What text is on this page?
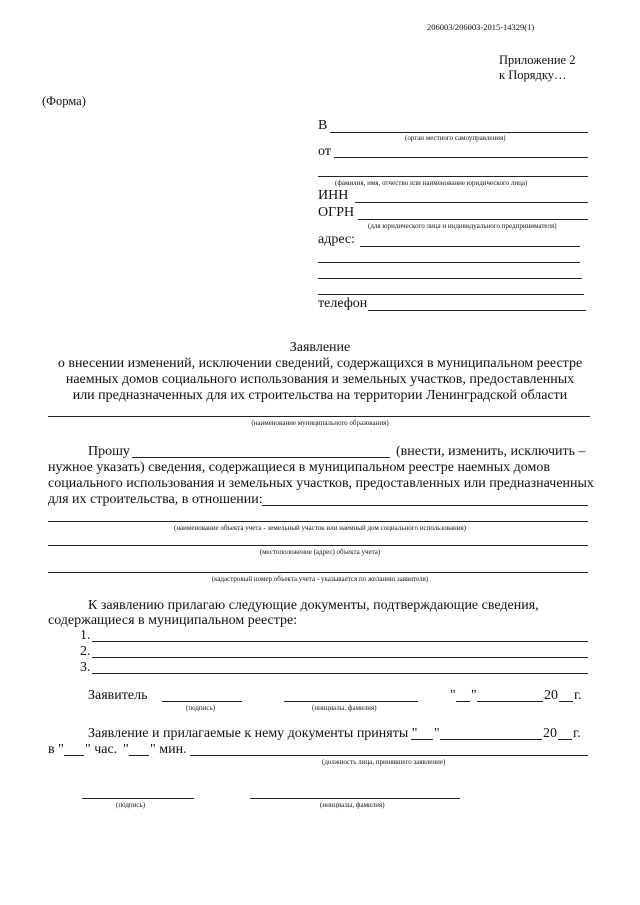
206003/206003-2015-14329(1)
Приложение 2
к Порядку…
(Форма)
В
(орган местного самоуправления)
от
(фамилия, имя, отчество или наименование юридического лица)
ИНН
ОГРН
(для юридического лица и индивидуального предпринимателя)
адрес:
телефон
Заявление
о внесении изменений, исключении сведений, содержащихся в муниципальном реестре
наемных домов социального использования и земельных участков, предоставленных
или предназначенных для их строительства на территории Ленинградской области
(наименование муниципального образования)
Прошу	(внести, изменить, исключить –
нужное указать) сведения, содержащиеся в муниципальном реестре наемных домов
социального использования и земельных участков, предоставленных или предназначенных
для их строительства, в отношении:
(наименование объекта учета - земельный участок или наемный дом социального использования)
(местоположение (адрес) объекта учета)
(кадастровый номер объекта учета - указывается по желанию заявителя)
К заявлению прилагаю следующие документы, подтверждающие сведения,
содержащиеся в муниципальном реестре:
1.
2.
3.
Заявитель
(подпись)	(инициалы, фамилия)
" "	20 г.
Заявление и прилагаемые к нему документы приняты " "	20 г.
в " " час. " " мин.
(должность лица, принявшего заявление)
(подпись)	(инициалы, фамилия)
